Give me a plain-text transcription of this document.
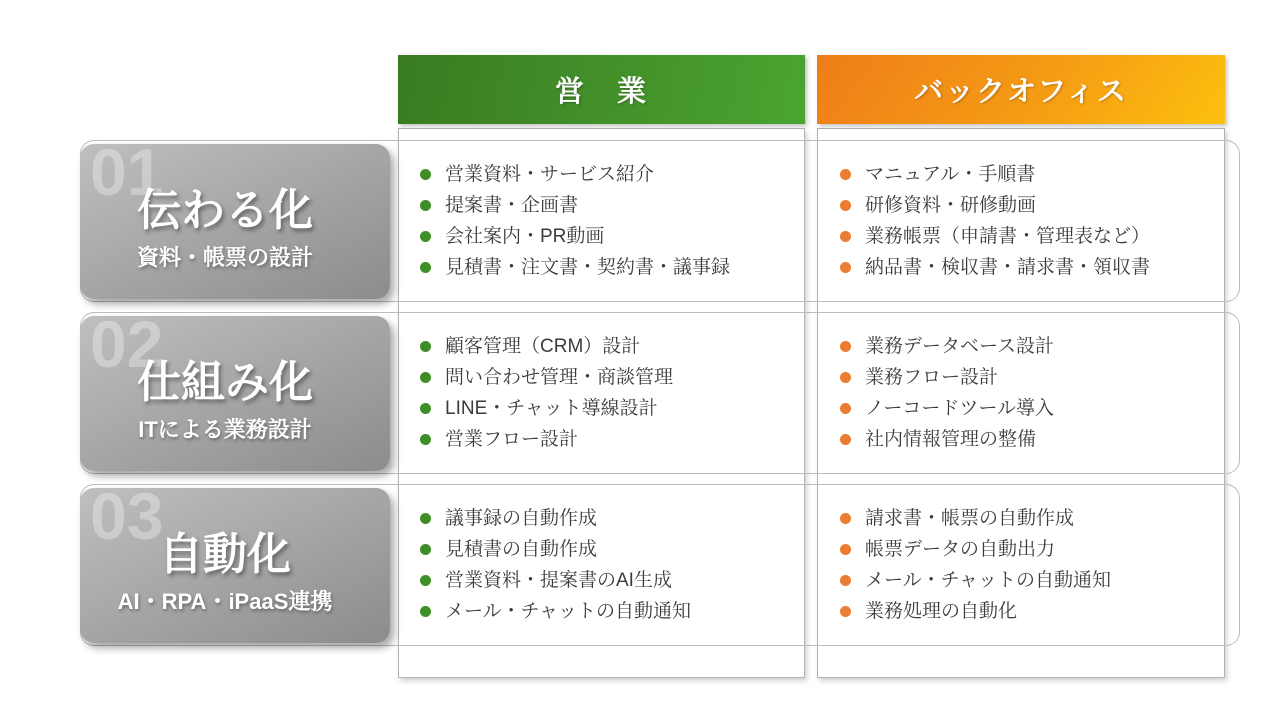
営　業	バックオフィス
01
伝わる化
資料・帳票の設計
02
仕組み化
ITによる業務設計
03
自動化
AI・RPA・iPaaS連携
営業資料・サービス紹介
提案書・企画書
会社案内・PR動画
見積書・注文書・契約書・議事録
マニュアル・手順書
研修資料・研修動画
業務帳票（申請書・管理表など）
納品書・検収書・請求書・領収書
顧客管理（CRM）設計
問い合わせ管理・商談管理
LINE・チャット導線設計
営業フロー設計
業務データベース設計
業務フロー設計
ノーコードツール導入
社内情報管理の整備
議事録の自動作成
見積書の自動作成
営業資料・提案書のAI生成
メール・チャットの自動通知
請求書・帳票の自動作成
帳票データの自動出力
メール・チャットの自動通知
業務処理の自動化
